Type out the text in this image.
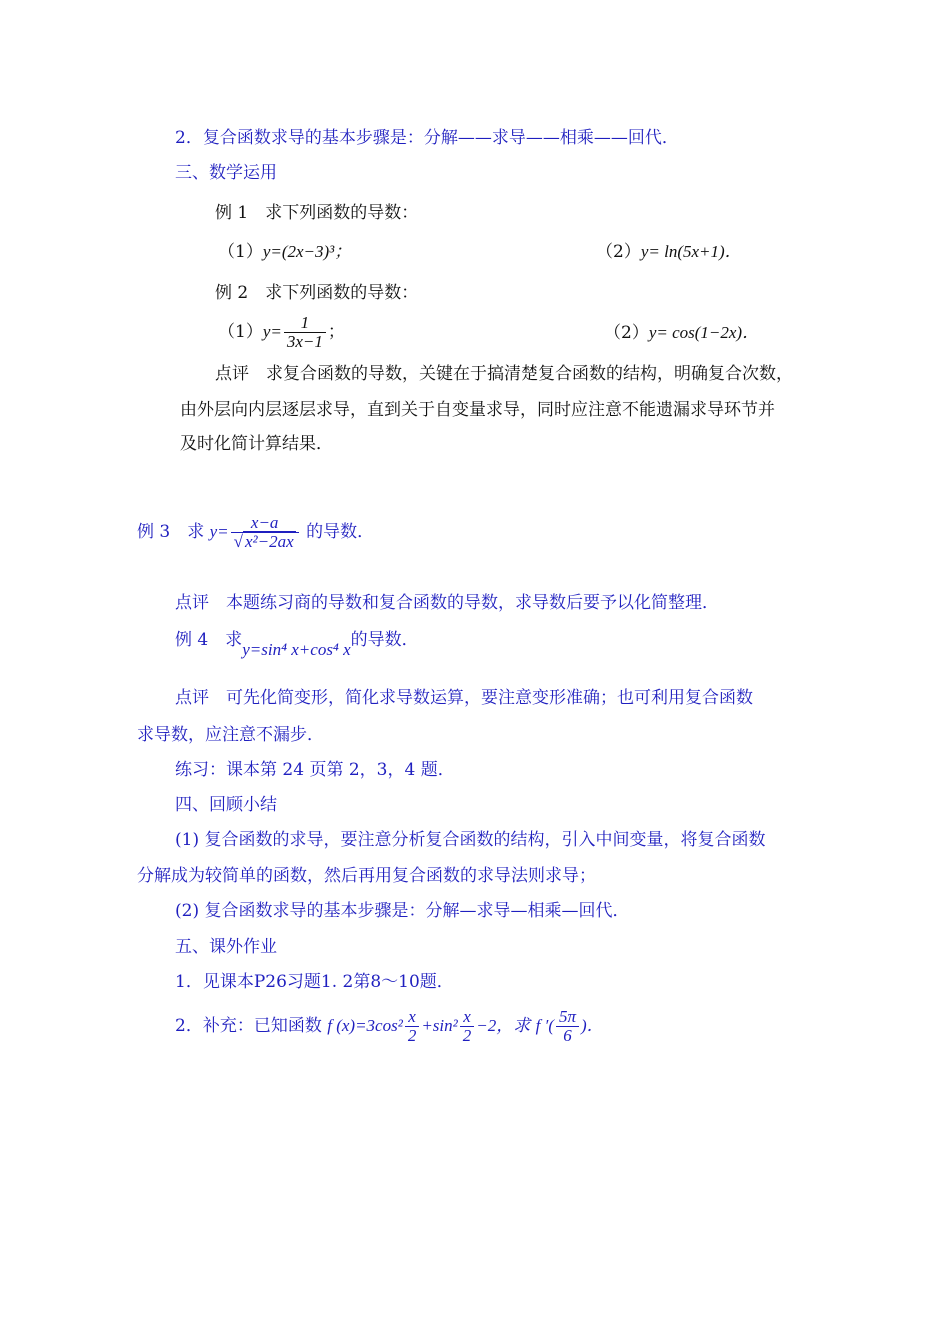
2．复合函数求导的基本步骤是：分解——求导——相乘——回代．
三、数学运用
例 1　求下列函数的导数：
（1）y=(2x−3)³；	（2）y= ln(5x+1)．
例 2　求下列函数的导数：
$(1)y= \frac{1}{3x-1}$ ；	（2）y= cos(1−2x)．
点评　求复合函数的导数，关键在于搞清楚复合函数的结构，明确复合次数，
由外层向内层逐层求导，直到关于自变量求导，同时应注意不能遗漏求导环节并
及时化简计算结果．
例 3　求 $y= \frac{x-a}{\text{√ x²−2ax}}$ 的导数．
点评　本题练习商的导数和复合函数的导数，求导数后要予以化简整理．
例 4　求y=sin⁴ x+cos⁴ x的导数．
点评　可先化简变形，简化求导数运算，要注意变形准确；也可利用复合函数
求导数，应注意不漏步．
练习：课本第 24 页第 2，3，4 题．
四、回顾小结
(1) 复合函数的求导，要注意分析复合函数的结构，引入中间变量，将复合函数
分解成为较简单的函数，然后再用复合函数的求导法则求导；
(2) 复合函数求导的基本步骤是：分解—求导—相乘—回代．
五、课外作业
1．见课本P26习题1. 2第8～10题．
2．补充：已知函数 f $(x)=3\cos^2 \frac{x}{2} +\sin^2 \frac{x}{2} -2$，求 f ′( $\frac{5\pi}{6}$ )．
